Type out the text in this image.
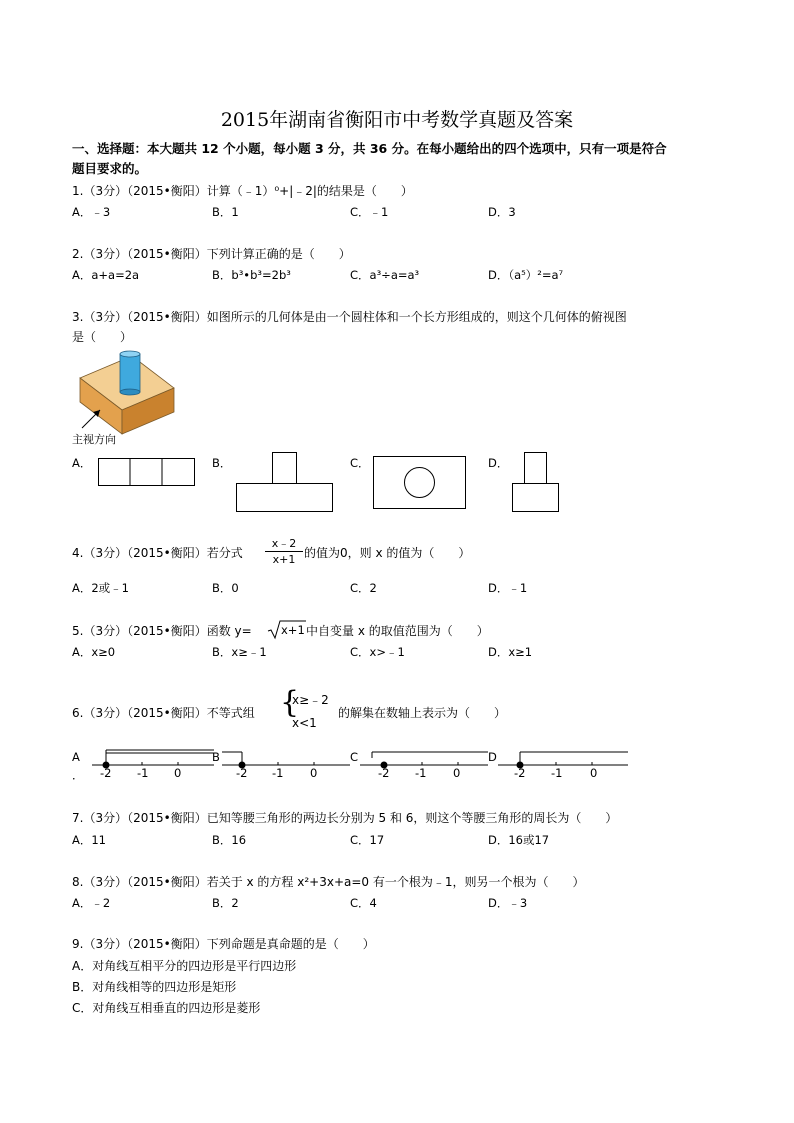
2015年湖南省衡阳市中考数学真题及答案
一、选择题：本大题共 12 个小题，每小题 3 分，共 36 分。在每小题给出的四个选项中，只有一项是符合
题目要求的。
1.（3分）（2015•衡阳）计算（﹣1）⁰+|﹣2|的结果是（　　）
A．﹣3	B．1	C．﹣1	D．3
2.（3分）（2015•衡阳）下列计算正确的是（　　）
A．a+a=2a	B．b³•b³=2b³	C．a³÷a=a³	D．（a⁵）²=a⁷
3.（3分）（2015•衡阳）如图所示的几何体是由一个圆柱体和一个长方形组成的，则这个几何体的俯视图
是（　　）
主视方向
A．	B．	C．	D．
4.（3分）（2015•衡阳）若分式
x﹣2
x+1 的值为0，则 x 的值为（　　）
A．2或﹣1	B．0	C．2	D．﹣1
5.（3分）（2015•衡阳）函数 y=	x+1 中自变量 x 的取值范围为（　　）
A．x≥0	B．x≥﹣1	C．x>﹣1	D．x≥1
6.（3分）（2015•衡阳）不等式组 {
x≥﹣2
x<1
的解集在数轴上表示为（　　）
A
． -2 -1 0
B
-2 -1 0
C
-2 -1 0
D
-2 -1 0
7.（3分）（2015•衡阳）已知等腰三角形的两边长分别为 5 和 6，则这个等腰三角形的周长为（　　）
A．11	B．16	C．17	D．16或17
8.（3分）（2015•衡阳）若关于 x 的方程 x²+3x+a=0 有一个根为﹣1，则另一个根为（　　）
A．﹣2	B．2	C．4	D．﹣3
9.（3分）（2015•衡阳）下列命题是真命题的是（　　）
A．对角线互相平分的四边形是平行四边形
B．对角线相等的四边形是矩形
C．对角线互相垂直的四边形是菱形
